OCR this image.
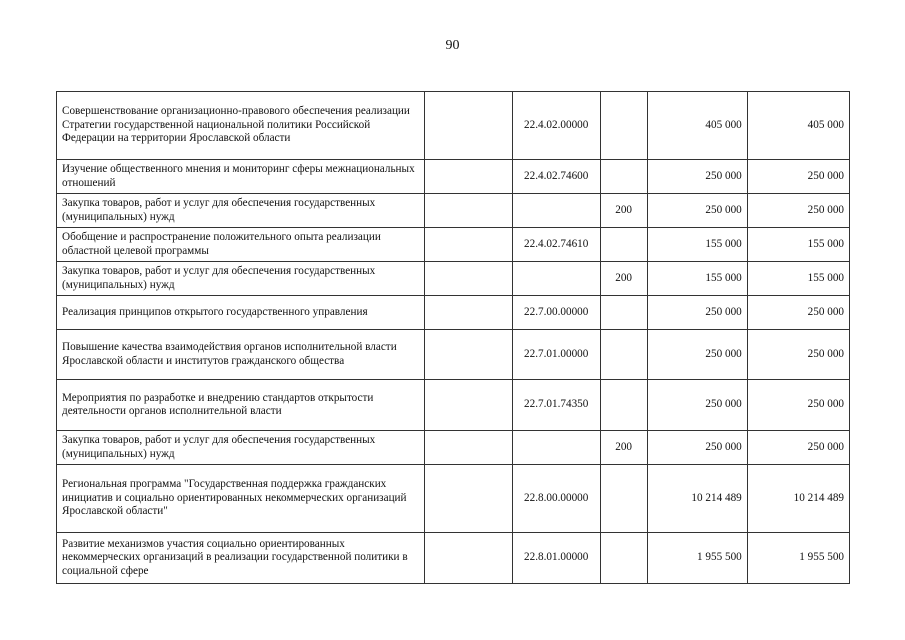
90
Совершенствование организационно-правового обеспечения реализации Стратегии государственной национальной политики Российской Федерации на территории Ярославской области		22.4.02.00000		405 000	405 000
Изучение общественного мнения и мониторинг сферы межнациональных отношений		22.4.02.74600		250 000	250 000
Закупка товаров, работ и услуг для обеспечения государственных (муниципальных) нужд			200	250 000	250 000
Обобщение и распространение положительного опыта реализации областной целевой программы		22.4.02.74610		155 000	155 000
Закупка товаров, работ и услуг для обеспечения государственных (муниципальных) нужд			200	155 000	155 000
Реализация принципов открытого государственного управления		22.7.00.00000		250 000	250 000
Повышение качества взаимодействия органов исполнительной власти Ярославской области и институтов гражданского общества		22.7.01.00000		250 000	250 000
Мероприятия по разработке и внедрению стандартов открытости деятельности органов исполнительной власти		22.7.01.74350		250 000	250 000
Закупка товаров, работ и услуг для обеспечения государственных (муниципальных) нужд			200	250 000	250 000
Региональная программа "Государственная поддержка гражданских инициатив и социально ориентированных некоммерческих организаций Ярославской области"		22.8.00.00000		10 214 489	10 214 489
Развитие механизмов участия социально ориентированных некоммерческих организаций в реализации государственной политики в социальной сфере		22.8.01.00000		1 955 500	1 955 500
